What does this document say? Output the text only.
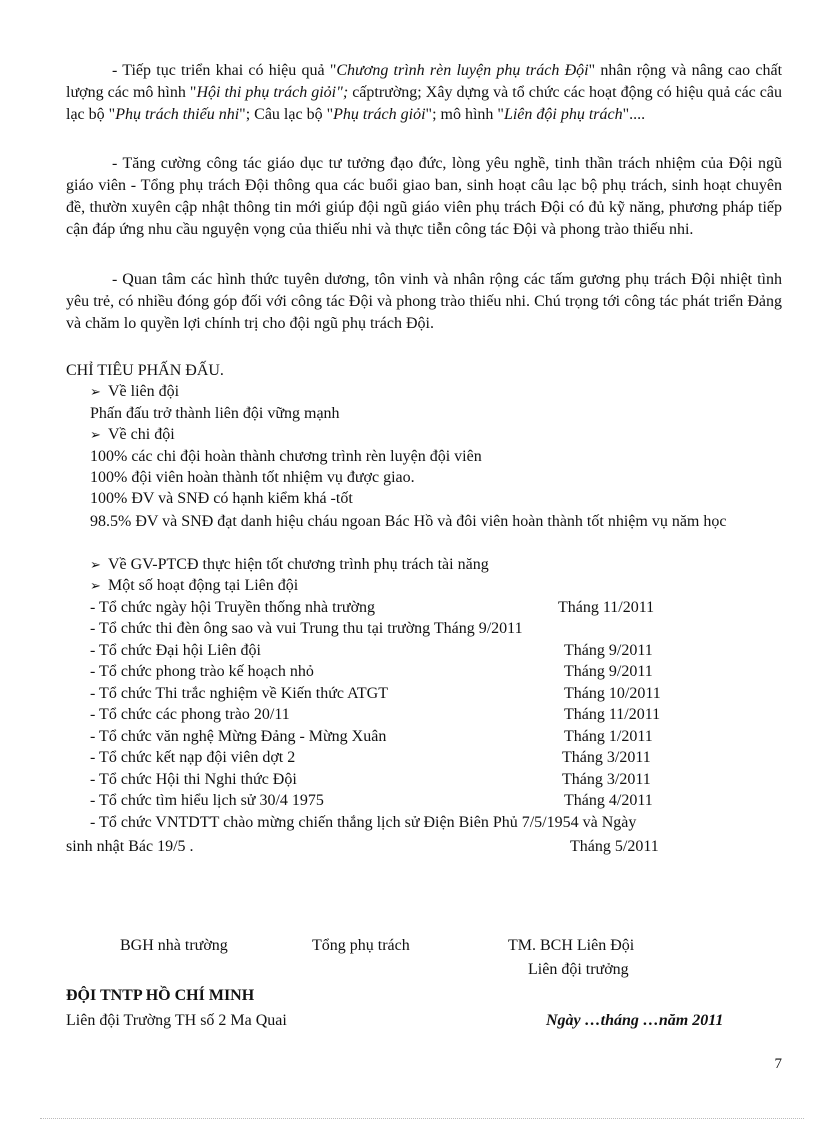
- Tiếp tục triển khai có hiệu quả "Chương trình rèn luyện phụ trách Đội" nhân rộng và nâng cao chất lượng các mô hình "Hội thi phụ trách giỏi"; cấptrường; Xây dựng và tổ chức các hoạt động có hiệu quả các câu lạc bộ "Phụ trách thiếu nhi"; Câu lạc bộ "Phụ trách giỏi"; mô hình "Liên đội phụ trách"....

- Tăng cường công tác giáo dục tư tưởng đạo đức, lòng yêu nghề, tinh thần trách nhiệm của Đội ngũ giáo viên - Tổng phụ trách Đội thông qua các buổi giao ban, sinh hoạt câu lạc bộ phụ trách, sinh hoạt chuyên đề, thườn xuyên cập nhật thông tin mới giúp đội ngũ giáo viên phụ trách Đội có đủ kỹ năng, phương pháp tiếp cận đáp ứng nhu cầu nguyện vọng của thiếu nhi và thực tiễn công tác Đội và phong trào thiếu nhi.

- Quan tâm các hình thức tuyên dương, tôn vinh và nhân rộng các tấm gương phụ trách Đội nhiệt tình yêu trẻ, có nhiều đóng góp đối với công tác Đội và phong trào thiếu nhi. Chú trọng tới công tác phát triển Đảng và chăm lo quyền lợi chính trị cho đội ngũ phụ trách Đội.

CHỈ TIÊU PHẤN ĐẤU.
➢ Về liên đội
Phấn đấu trở thành liên đội vững mạnh
➢ Về chi đội
100% các chi đội hoàn thành chương trình rèn luyện đội viên
100% đội viên hoàn thành tốt nhiệm vụ được giao.
100% ĐV và SNĐ có hạnh kiểm khá -tốt

98.5% ĐV và SNĐ đạt danh hiệu cháu ngoan Bác Hồ và đôi viên hoàn thành tốt nhiệm vụ năm học

➢ Về GV-PTCĐ thực hiện tốt chương trình phụ trách tài năng
➢ Một số hoạt động tại Liên đội
- Tổ chức ngày hội Truyền thống nhà trường	Tháng 11/2011
- Tổ chức thi đèn ông sao và vui Trung thu tại trường Tháng 9/2011
- Tổ chức Đại hội Liên đội	Tháng 9/2011
- Tổ chức phong trào kế hoạch nhỏ	Tháng 9/2011
- Tổ chức Thi trắc nghiệm về Kiến thức ATGT	Tháng 10/2011
- Tổ chức các phong trào 20/11	Tháng 11/2011
- Tổ chức văn nghệ Mừng Đảng - Mừng Xuân	Tháng 1/2011
- Tổ chức kết nạp đội viên dợt 2	Tháng 3/2011
- Tổ chức Hội thi Nghi thức Đội	Tháng 3/2011
- Tổ chức tìm hiểu lịch sử 30/4 1975	Tháng 4/2011
- Tổ chức VNTDTT chào mừng chiến thắng lịch sử Điện Biên Phủ 7/5/1954 và Ngày
sinh nhật Bác 19/5 .	Tháng 5/2011
BGH nhà trường	Tổng phụ trách	TM. BCH Liên Đội
Liên đội trưởng
ĐỘI TNTP HỒ CHÍ MINH
Liên đội Trường TH số 2 Ma Quai	Ngày …tháng …năm 2011
7
